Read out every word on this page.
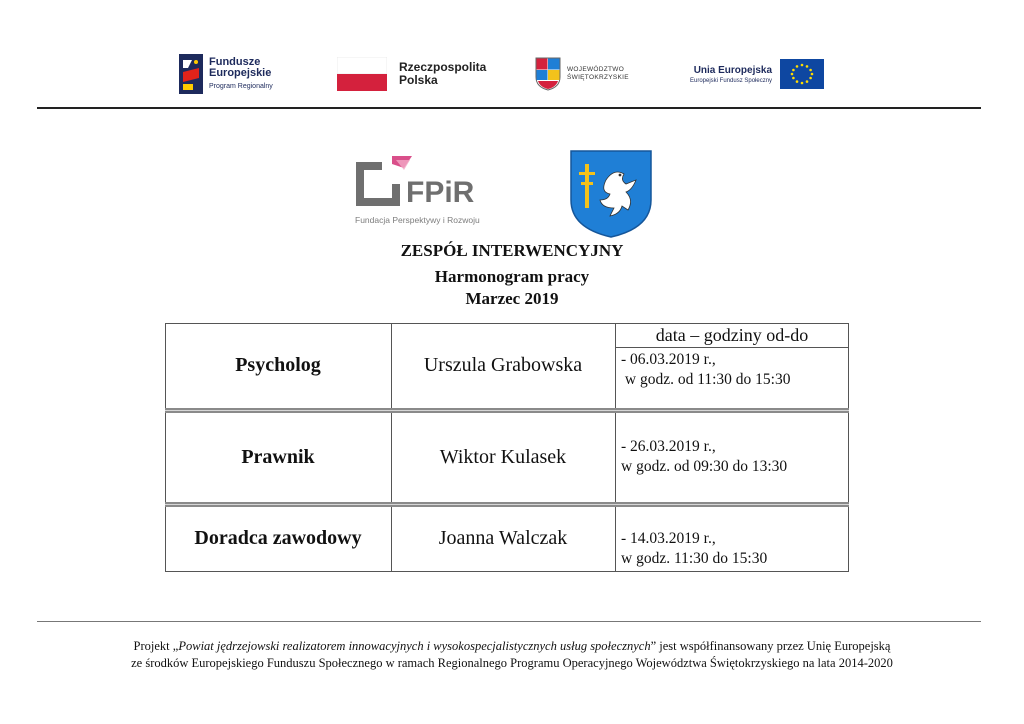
Fundusze
Europejskie
Program Regionalny
Rzeczpospolita
Polska
WOJEWÓDZTWO
ŚWIĘTOKRZYSKIE
Unia Europejska
Europejski Fundusz Społeczny
FPiR
Fundacja Perspektywy i Rozwoju
ZESPÓŁ INTERWENCYJNY
Harmonogram pracy
Marzec 2019
data – godziny od-do
Psycholog	Urszula Grabowska	- 06.03.2019 r.,
w godz. od 11:30 do 15:30
Prawnik	Wiktor Kulasek	- 26.03.2019 r.,
w godz. od 09:30 do 13:30
Doradca zawodowy	Joanna Walczak	- 14.03.2019 r.,
w godz. 11:30 do 15:30
Projekt „Powiat jędrzejowski realizatorem innowacyjnych i wysokospecjalistycznych usług społecznych” jest współfinansowany przez Unię Europejską
ze środków Europejskiego Funduszu Społecznego w ramach Regionalnego Programu Operacyjnego Województwa Świętokrzyskiego na lata 2014-2020
